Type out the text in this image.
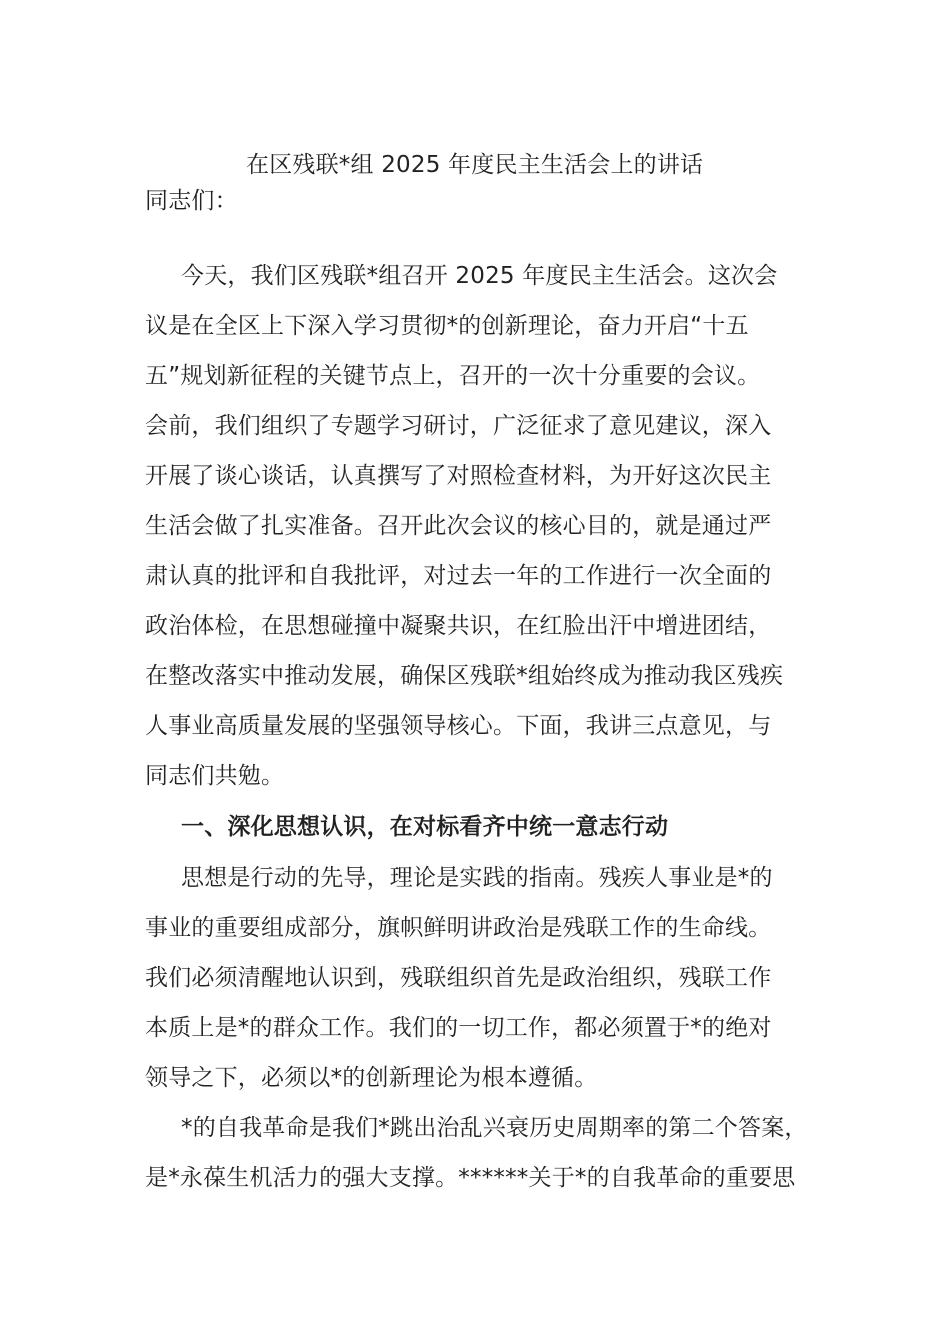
在区残联*组 2025 年度民主生活会上的讲话
同志们：
今天，我们区残联*组召开 2025 年度民主生活会。这次会
议是在全区上下深入学习贯彻*的创新理论，奋力开启“十五
五”规划新征程的关键节点上，召开的一次十分重要的会议。
会前，我们组织了专题学习研讨，广泛征求了意见建议，深入
开展了谈心谈话，认真撰写了对照检查材料，为开好这次民主
生活会做了扎实准备。召开此次会议的核心目的，就是通过严
肃认真的批评和自我批评，对过去一年的工作进行一次全面的
政治体检，在思想碰撞中凝聚共识，在红脸出汗中增进团结，
在整改落实中推动发展，确保区残联*组始终成为推动我区残疾
人事业高质量发展的坚强领导核心。下面，我讲三点意见，与
同志们共勉。
一、深化思想认识，在对标看齐中统一意志行动
思想是行动的先导，理论是实践的指南。残疾人事业是*的
事业的重要组成部分，旗帜鲜明讲政治是残联工作的生命线。
我们必须清醒地认识到，残联组织首先是政治组织，残联工作
本质上是*的群众工作。我们的一切工作，都必须置于*的绝对
领导之下，必须以*的创新理论为根本遵循。
*的自我革命是我们*跳出治乱兴衰历史周期率的第二个答案，
是*永葆生机活力的强大支撑。******关于*的自我革命的重要思
